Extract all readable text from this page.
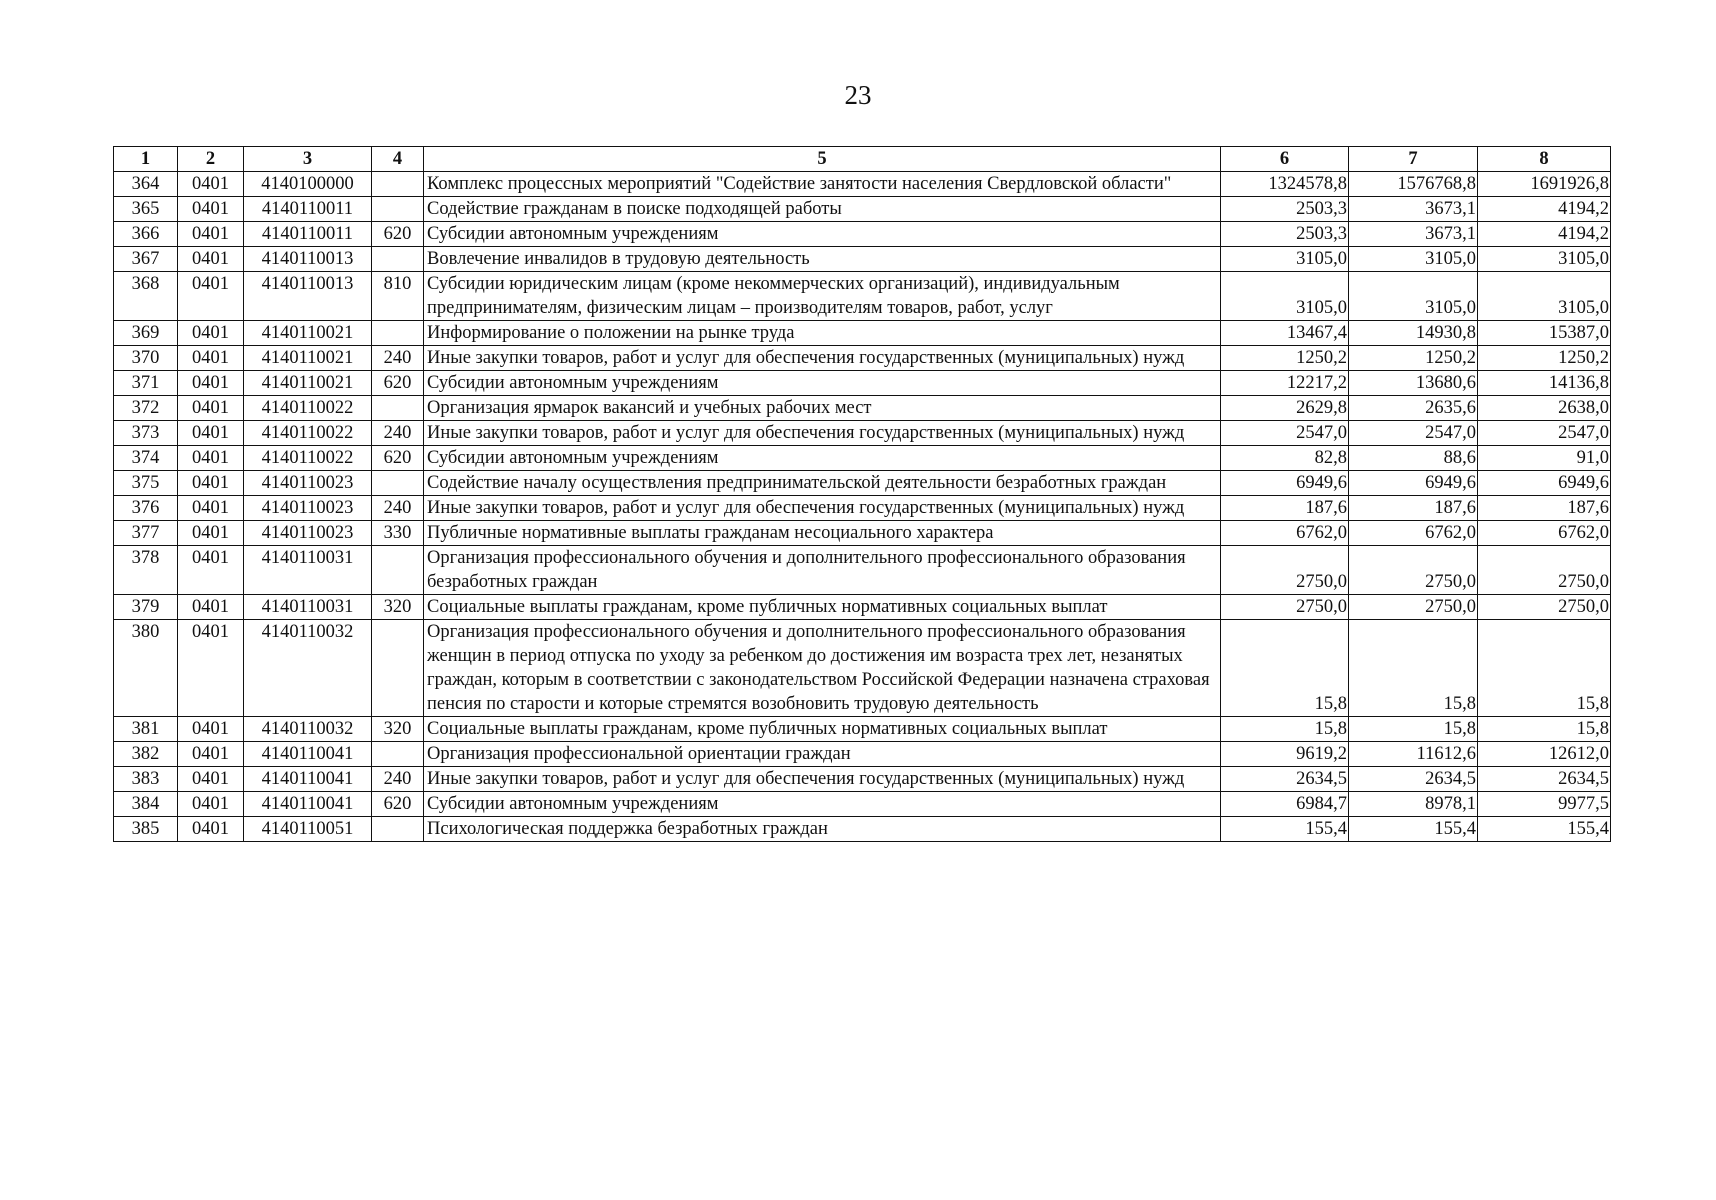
23
1	2	3	4	5	6	7	8
364	0401	4140100000		Комплекс процессных мероприятий "Содействие занятости населения Свердловской области"	1324578,8	1576768,8	1691926,8
365	0401	4140110011		Содействие гражданам в поиске подходящей работы	2503,3	3673,1	4194,2
366	0401	4140110011	620	Субсидии автономным учреждениям	2503,3	3673,1	4194,2
367	0401	4140110013		Вовлечение инвалидов в трудовую деятельность	3105,0	3105,0	3105,0
368	0401	4140110013	810	Субсидии юридическим лицам (кроме некоммерческих организаций), индивидуальным предпринимателям, физическим лицам – производителям товаров, работ, услуг	3105,0	3105,0	3105,0
369	0401	4140110021		Информирование о положении на рынке труда	13467,4	14930,8	15387,0
370	0401	4140110021	240	Иные закупки товаров, работ и услуг для обеспечения государственных (муниципальных) нужд	1250,2	1250,2	1250,2
371	0401	4140110021	620	Субсидии автономным учреждениям	12217,2	13680,6	14136,8
372	0401	4140110022		Организация ярмарок вакансий и учебных рабочих мест	2629,8	2635,6	2638,0
373	0401	4140110022	240	Иные закупки товаров, работ и услуг для обеспечения государственных (муниципальных) нужд	2547,0	2547,0	2547,0
374	0401	4140110022	620	Субсидии автономным учреждениям	82,8	88,6	91,0
375	0401	4140110023		Содействие началу осуществления предпринимательской деятельности безработных граждан	6949,6	6949,6	6949,6
376	0401	4140110023	240	Иные закупки товаров, работ и услуг для обеспечения государственных (муниципальных) нужд	187,6	187,6	187,6
377	0401	4140110023	330	Публичные нормативные выплаты гражданам несоциального характера	6762,0	6762,0	6762,0
378	0401	4140110031		Организация профессионального обучения и дополнительного профессионального образования безработных граждан	2750,0	2750,0	2750,0
379	0401	4140110031	320	Социальные выплаты гражданам, кроме публичных нормативных социальных выплат	2750,0	2750,0	2750,0
380	0401	4140110032		Организация профессионального обучения и дополнительного профессионального образования женщин в период отпуска по уходу за ребенком до достижения им возраста трех лет, незанятых граждан, которым в соответствии с законодательством Российской Федерации назначена страховая пенсия по старости и которые стремятся возобновить трудовую деятельность	15,8	15,8	15,8
381	0401	4140110032	320	Социальные выплаты гражданам, кроме публичных нормативных социальных выплат	15,8	15,8	15,8
382	0401	4140110041		Организация профессиональной ориентации граждан	9619,2	11612,6	12612,0
383	0401	4140110041	240	Иные закупки товаров, работ и услуг для обеспечения государственных (муниципальных) нужд	2634,5	2634,5	2634,5
384	0401	4140110041	620	Субсидии автономным учреждениям	6984,7	8978,1	9977,5
385	0401	4140110051		Психологическая поддержка безработных граждан	155,4	155,4	155,4
